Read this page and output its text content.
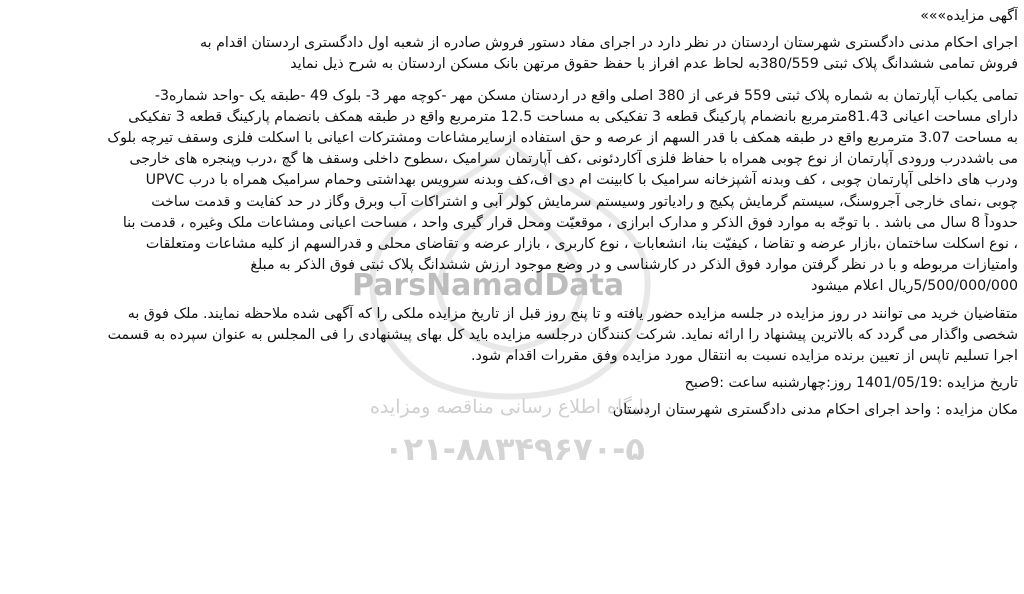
ParsNamadData
پایگاه اطلاع رسانی مناقصه ومزایده
۰۲۱-۸۸۳۴۹۶۷۰-۵
آگهی مزایده»»»
اجرای احکام مدنی دادگستری شهرستان اردستان در نظر دارد در اجرای مفاد دستور فروش صادره از شعبه اول دادگستری اردستان اقدام به
فروش تمامی ششدانگ پلاک ثبتی 380/559به لحاظ عدم افراز با حفظ حقوق مرتهن بانک مسکن اردستان به شرح ذیل نماید
تمامی یکباب آپارتمان به شماره پلاک ثبتی 559 فرعی از 380 اصلی واقع در اردستان مسکن مهر -کوچه مهر 3- بلوک 49 -طبقه یک -واحد شماره3-
دارای مساحت اعیانی 81.43مترمربع بانضمام پارکینگ قطعه 3 تفکیکی به مساحت 12.5 مترمربع واقع در طبقه همکف بانضمام پارکینگ قطعه 3 تفکیکی
به مساحت 3.07 مترمربع واقع در طبقه همکف با قدر السهم از عرصه و حق استفاده ازسایرمشاعات ومشترکات اعیانی با اسکلت فلزی وسقف تیرچه بلوک
می باشددرب ورودی آپارتمان از نوع چوبی همراه با حفاظ فلزی آکاردئونی ،کف آپارتمان سرامیک ،سطوح داخلی وسقف ها گچ ،درب وپنجره های خارجی
ودرب های داخلی آپارتمان چوبی ، کف وبدنه آشپزخانه سرامیک با کابینت ام دی اف،کف وبدنه سرویس بهداشتی وحمام سرامیک همراه با درب UPVC
چوبی ،نمای خارجی آجروسنگ، سیستم گرمایش پکیج و رادیاتور وسیستم سرمایش کولر آبی و اشتراکات آب وبرق وگاز در حد کفایت و قدمت ساخت
حدوداً 8 سال می باشد . با توجّه به موارد فوق الذکر و مدارک ابرازی ، موقعیّت ومحل قرار گیری واحد ، مساحت اعیانی ومشاعات ملک وغیره ، قدمت بنا
، نوع اسکلت ساختمان ،بازار عرضه و تقاضا ، کیفیّت بنا، انشعابات ، نوع کاربری ، بازار عرضه و تقاضای محلی و قدرالسهم از کلیه مشاعات ومتعلقات
وامتیازات مربوطه و با در نظر گرفتن موارد فوق الذکر در کارشناسی و در وضع موجود ارزش ششدانگ پلاک ثبتی فوق الذکر به مبلغ
5/500/000/000ریال اعلام میشود
متقاضیان خرید می توانند در روز مزایده در جلسه مزایده حضور یافته و تا پنج روز قبل از تاریخ مزایده ملکی را که آگهی شده ملاحظه نمایند. ملک فوق به
شخصی واگذار می گردد که بالاترین پیشنهاد را ارائه نماید. شرکت کنندگان درجلسه مزایده باید کل بهای پیشنهادی را فی المجلس به عنوان سپرده به قسمت
اجرا تسلیم تاپس از تعیین برنده مزایده نسبت به انتقال مورد مزایده وفق مقررات اقدام شود.
تاریخ مزایده :1401/05/19 روز:چهارشنبه ساعت :9صبح
مکان مزایده : واحد اجرای احکام مدنی دادگستری شهرستان اردستان
